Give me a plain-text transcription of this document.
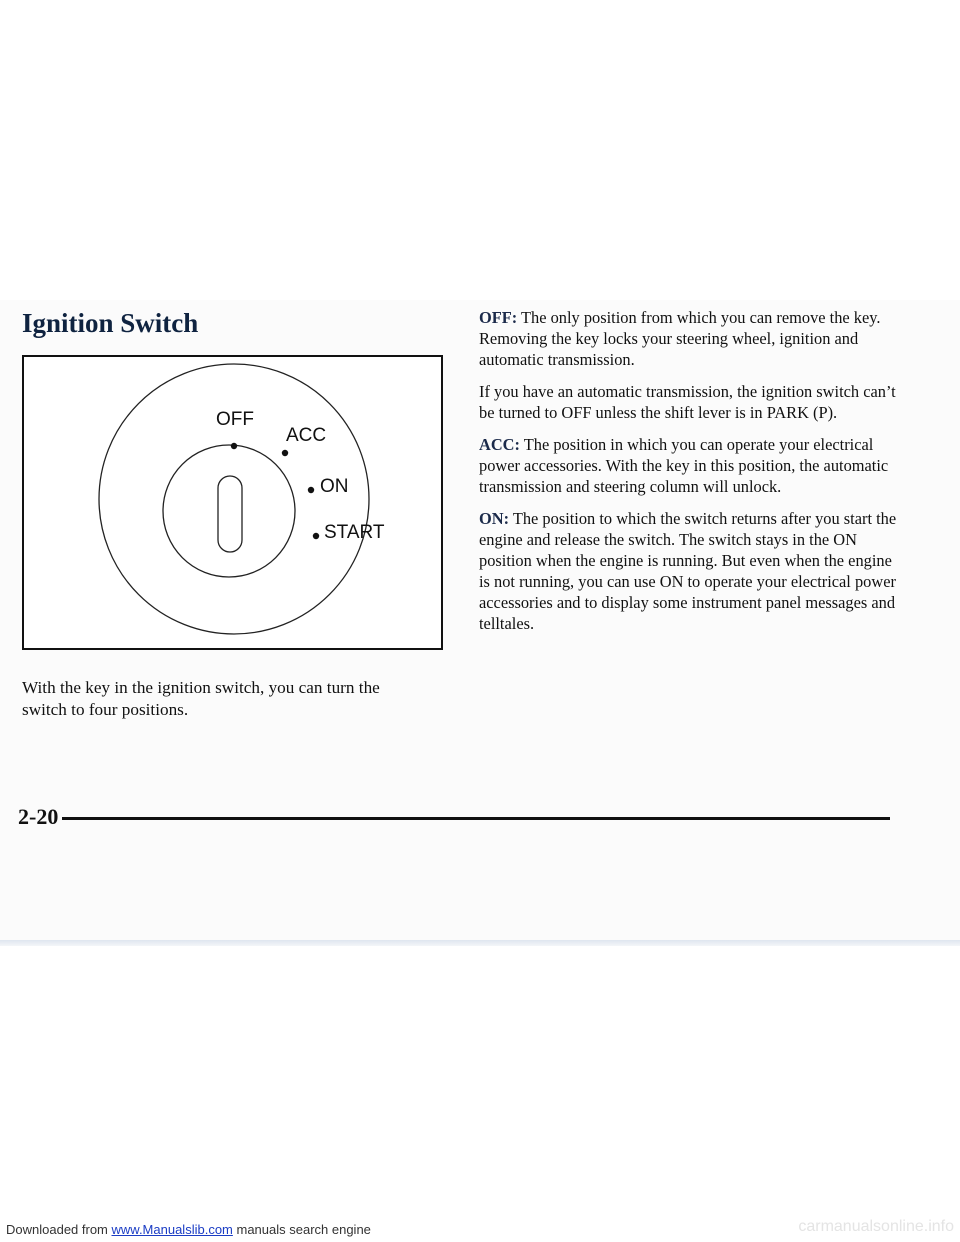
Ignition Switch
OFF
ACC
ON
START

With the key in the ignition switch, you can turn the switch to four positions.

OFF: The only position from which you can remove the key. Removing the key locks your steering wheel, ignition and automatic transmission.

If you have an automatic transmission, the ignition switch can’t be turned to OFF unless the shift lever is in PARK (P).

ACC: The position in which you can operate your electrical power accessories. With the key in this position, the automatic transmission and steering column will unlock.

ON: The position to which the switch returns after you start the engine and release the switch. The switch stays in the ON position when the engine is running. But even when the engine is not running, you can use ON to operate your electrical power accessories and to display some instrument panel messages and telltales.

2-20

Downloaded from www.Manualslib.com manuals search engine	carmanualsonline.info
